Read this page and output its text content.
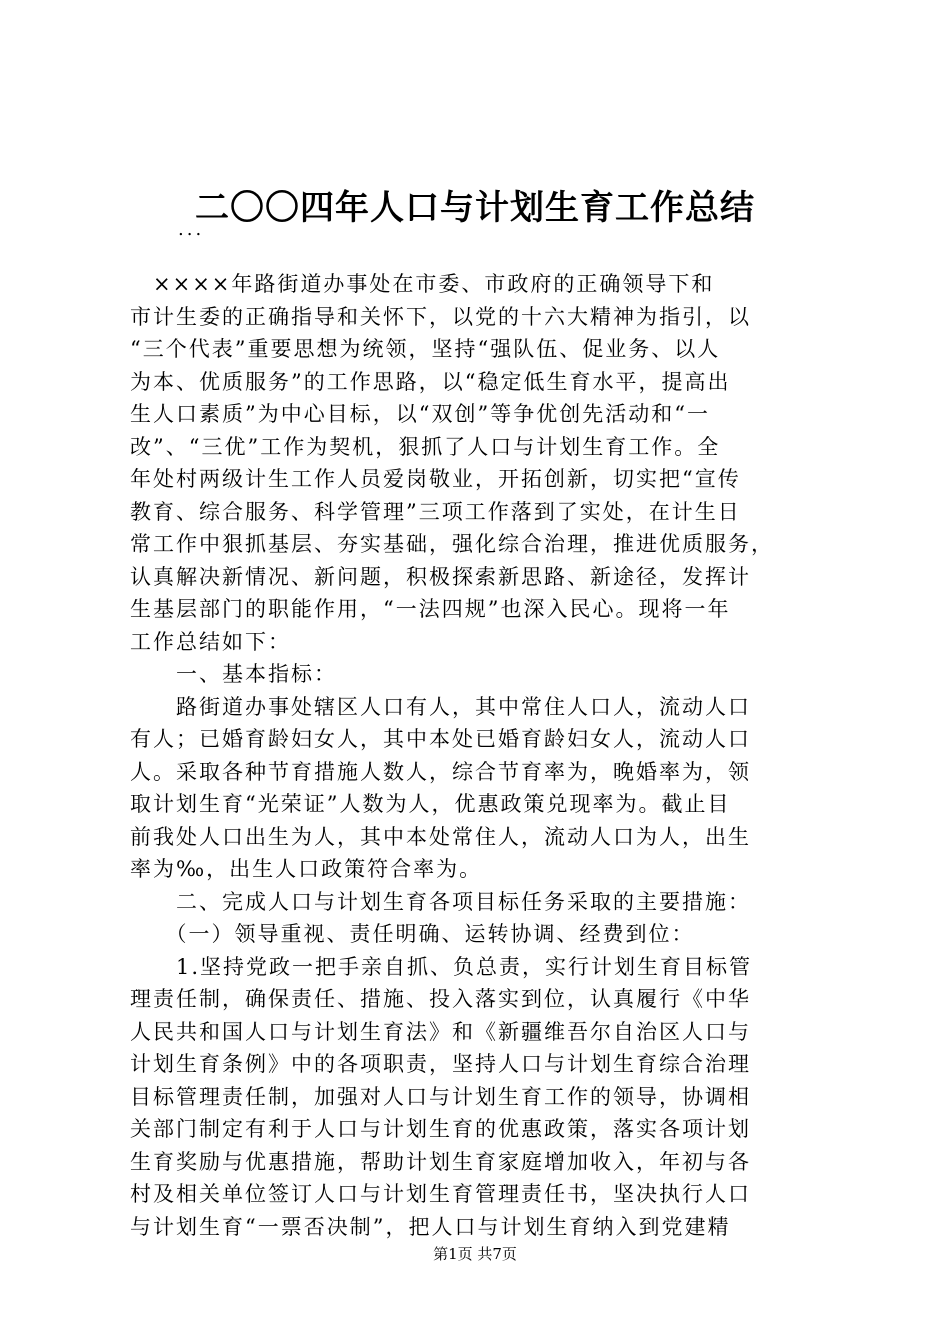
二〇〇四年人口与计划生育工作总结
...
　××××年路街道办事处在市委、市政府的正确领导下和
市计生委的正确指导和关怀下，以党的十六大精神为指引，以
“三个代表”重要思想为统领，坚持“强队伍、促业务、以人
为本、优质服务”的工作思路，以“稳定低生育水平，提高出
生人口素质”为中心目标，以“双创”等争优创先活动和“一
改”、“三优”工作为契机，狠抓了人口与计划生育工作。全
年处村两级计生工作人员爱岗敬业，开拓创新，切实把“宣传
教育、综合服务、科学管理”三项工作落到了实处，在计生日
常工作中狠抓基层、夯实基础，强化综合治理，推进优质服务，
认真解决新情况、新问题，积极探索新思路、新途径，发挥计
生基层部门的职能作用，“一法四规”也深入民心。现将一年
工作总结如下：
　　一、基本指标：
　　路街道办事处辖区人口有人，其中常住人口人，流动人口
有人；已婚育龄妇女人，其中本处已婚育龄妇女人，流动人口
人。采取各种节育措施人数人，综合节育率为，晚婚率为，领
取计划生育“光荣证”人数为人，优惠政策兑现率为。截止目
前我处人口出生为人，其中本处常住人，流动人口为人，出生
率为‰，出生人口政策符合率为。
　　二、完成人口与计划生育各项目标任务采取的主要措施：
　　（一）领导重视、责任明确、运转协调、经费到位：
　　1.坚持党政一把手亲自抓、负总责，实行计划生育目标管
理责任制，确保责任、措施、投入落实到位，认真履行《中华
人民共和国人口与计划生育法》和《新疆维吾尔自治区人口与
计划生育条例》中的各项职责，坚持人口与计划生育综合治理
目标管理责任制，加强对人口与计划生育工作的领导，协调相
关部门制定有利于人口与计划生育的优惠政策，落实各项计划
生育奖励与优惠措施，帮助计划生育家庭增加收入，年初与各
村及相关单位签订人口与计划生育管理责任书，坚决执行人口
与计划生育“一票否决制”，把人口与计划生育纳入到党建精
第1页 共7页
